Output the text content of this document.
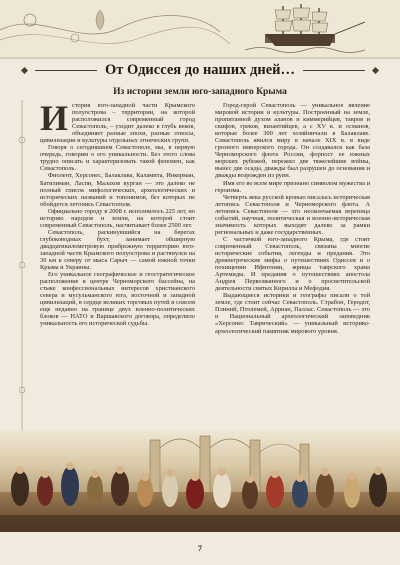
От Одиссея до наших дней…
Из истории земли юго-западного Крыма

История юго-западной части Крымского полуострова – территории, на которой расположился современный город Севастополь, – уходит далеко в глубь веков, объединяет разные эпохи, разные этносы, цивилизации и культуры отдельных этнических групп.

Говоря о сегодняшнем Севастополе, мы, в первую очередь, говорим о его уникальности. Без этого слова трудно описать и характеризовать такой феномен, как Севастополь.

Фиолент, Херсонес, Балаклава, Каламита, Инкерман, Батилиман, Ласпи, Малахов курган — это далеко не полный список мифологических, археологических и исторических названий и топонимов, без которых не обойдется летопись Севастополя.

Официально городу в 2008 г. исполнилось 225 лет, но историю народов и земли, на которой стоит современный Севастополь, насчитывает более 2500 лет.

Севастополь, раскинувшийся на берегах глубоководных бухт, занимает обширную двадцатикилометровую прибрежную территорию юго-западной части Крымского полуострова и растянулся на 30 км к северу от мыса Сарыч — самой южной точки Крыма и Украины.

Его уникальное географическое и геостратегическое расположение в центре Черноморского бассейна, на стыке конфессиональных интересов христианского севера и мусульманского юга, восточной и западной цивилизаций, в сердце великих торговых путей и совсем еще недавно на границе двух военно-политических блоков — НАТО и Варшавского договора, определило уникальность его исторической судьбы.

Город-герой Севастополь — уникальное явление мировой истории и культуры. Построенный на земле, пропитанной духом аланов и киммерийцев, тавров и скифов, греков, византийцев, а с XV в. и османов, которые более 300 лет хозяйничали в Балаклаве. Севастополь явился миру в начале XIX в. в виде грозного имперского городa. Он создавался как база Черноморского флота России, форпост ее южных морских рубежей, пережил две тяжелейшие войны, вынес две осады, дважды был разрушен до основания и дважды возрожден из руин.

Имя его во всем мире признано символом мужества и героизма.

Четверть века русской кровью писалась историческая летопись Севастополя и Черноморского флота. А летопись Севастополя — это нескончаемая вереница событий, научная, политическая и военно-историческая значимость которых выходят далеко за рамки региональных и даже государственных.

С частичкой юго-западного Крыма, где стоит современный Севастополь, связаны многие исторические события, легенды и предания. Это древнегреческие мифы о путешествиях Одиссея и о похищении Ифигении, жрицы таврского храма Артемиды. И предания о путешествиях апостола Андрея Первозванного и о просветительской деятельности святых Кирилла и Мефодия.

Выдающиеся историки и географы писали о той земле, где стоит сейчас Севастополь. Страбон, Геродот, Плиний, Птолемей, Арриан, Паллас. Севастополь — это и Национальный археологический заповедник «Херсонес Таврический» — уникальный историко-археологический памятник мирового уровня.

7
